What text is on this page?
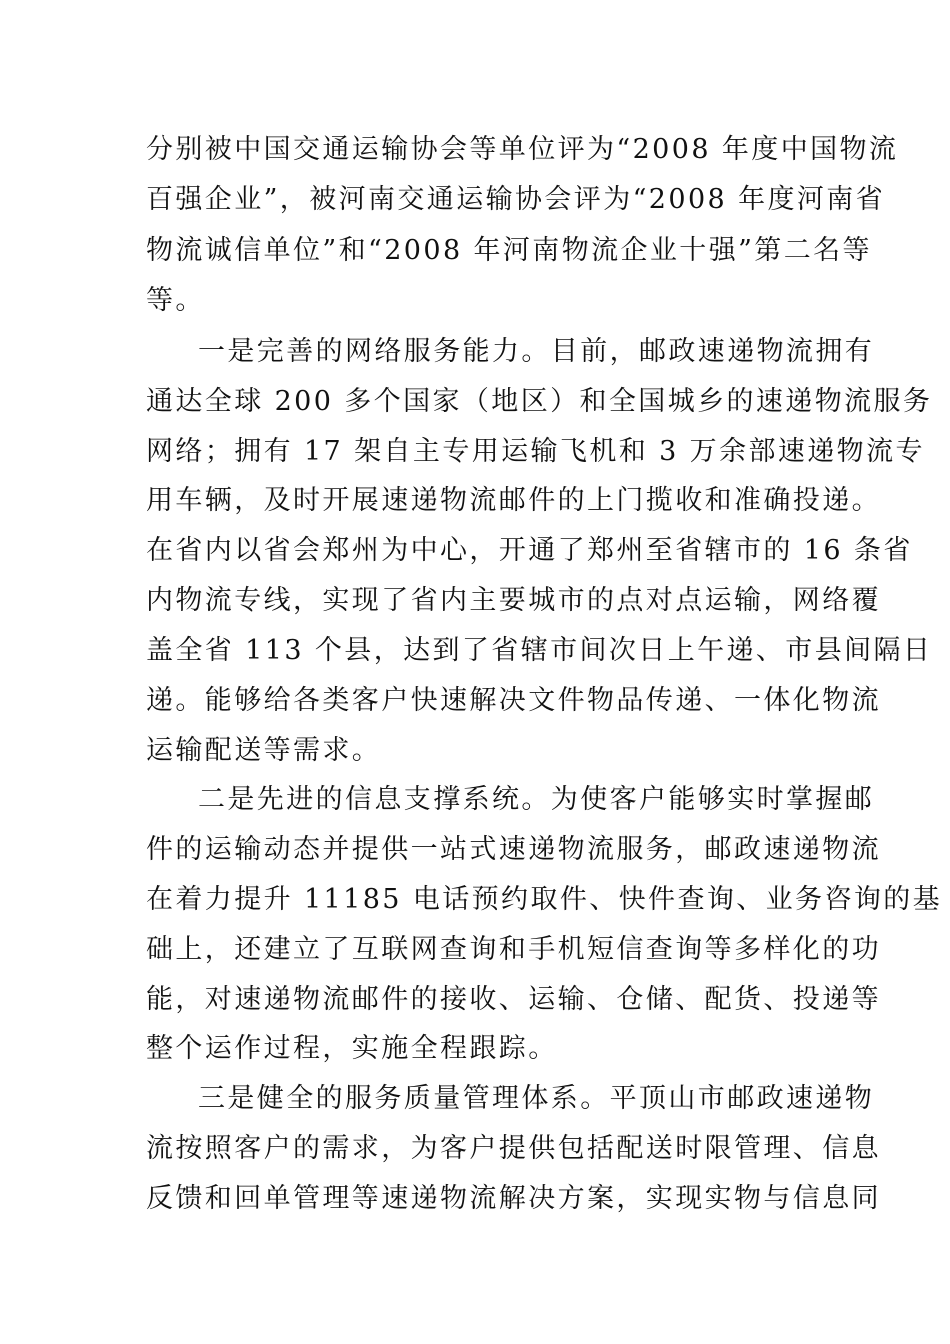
分别被中国交通运输协会等单位评为“2008 年度中国物流
百强企业”，被河南交通运输协会评为“2008 年度河南省
物流诚信单位”和“2008 年河南物流企业十强”第二名等
等。
一是完善的网络服务能力。目前，邮政速递物流拥有
通达全球 200 多个国家（地区）和全国城乡的速递物流服务
网络；拥有 17 架自主专用运输飞机和 3 万余部速递物流专
用车辆，及时开展速递物流邮件的上门揽收和准确投递。
在省内以省会郑州为中心，开通了郑州至省辖市的 16 条省
内物流专线，实现了省内主要城市的点对点运输，网络覆
盖全省 113 个县，达到了省辖市间次日上午递、市县间隔日
递。能够给各类客户快速解决文件物品传递、一体化物流
运输配送等需求。
二是先进的信息支撑系统。为使客户能够实时掌握邮
件的运输动态并提供一站式速递物流服务，邮政速递物流
在着力提升 11185 电话预约取件、快件查询、业务咨询的基
础上，还建立了互联网查询和手机短信查询等多样化的功
能，对速递物流邮件的接收、运输、仓储、配货、投递等
整个运作过程，实施全程跟踪。
三是健全的服务质量管理体系。平顶山市邮政速递物
流按照客户的需求，为客户提供包括配送时限管理、信息
反馈和回单管理等速递物流解决方案，实现实物与信息同
